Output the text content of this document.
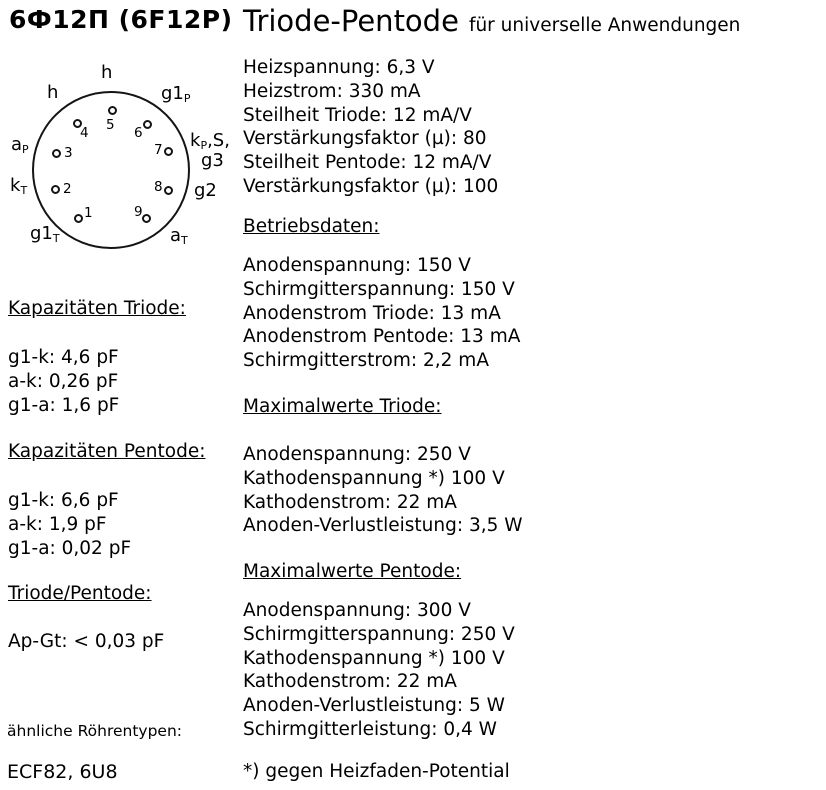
6Ф12П (6F12P) Triode-Pentode für universelle Anwendungen
1
2
3
4 5 6
7
8
9
h
h	$g1_P$
$a_P$	$k_P,S$,
g3
$k_T$	g2
$g1_T$	$a_T$
Kapazitäten Triode:
g1-k: 4,6 pF
a-k: 0,26 pF
g1-a: 1,6 pF
Kapazitäten Pentode:
g1-k: 6,6 pF
a-k: 1,9 pF
g1-a: 0,02 pF
Triode/Pentode:
Ap-Gt: < 0,03 pF
ähnliche Röhrentypen:
ECF82, 6U8
Heizspannung: 6,3 V
Heizstrom: 330 mA
Steilheit Triode: 12 mA/V
Verstärkungsfaktor (µ): 80
Steilheit Pentode: 12 mA/V
Verstärkungsfaktor (µ): 100
Betriebsdaten:
Anodenspannung: 150 V
Schirmgitterspannung: 150 V
Anodenstrom Triode: 13 mA
Anodenstrom Pentode: 13 mA
Schirmgitterstrom: 2,2 mA
Maximalwerte Triode:
Anodenspannung: 250 V
Kathodenspannung *) 100 V
Kathodenstrom: 22 mA
Anoden-Verlustleistung: 3,5 W
Maximalwerte Pentode:
Anodenspannung: 300 V
Schirmgitterspannung: 250 V
Kathodenspannung *) 100 V
Kathodenstrom: 22 mA
Anoden-Verlustleistung: 5 W
Schirmgitterleistung: 0,4 W
*) gegen Heizfaden-Potential
